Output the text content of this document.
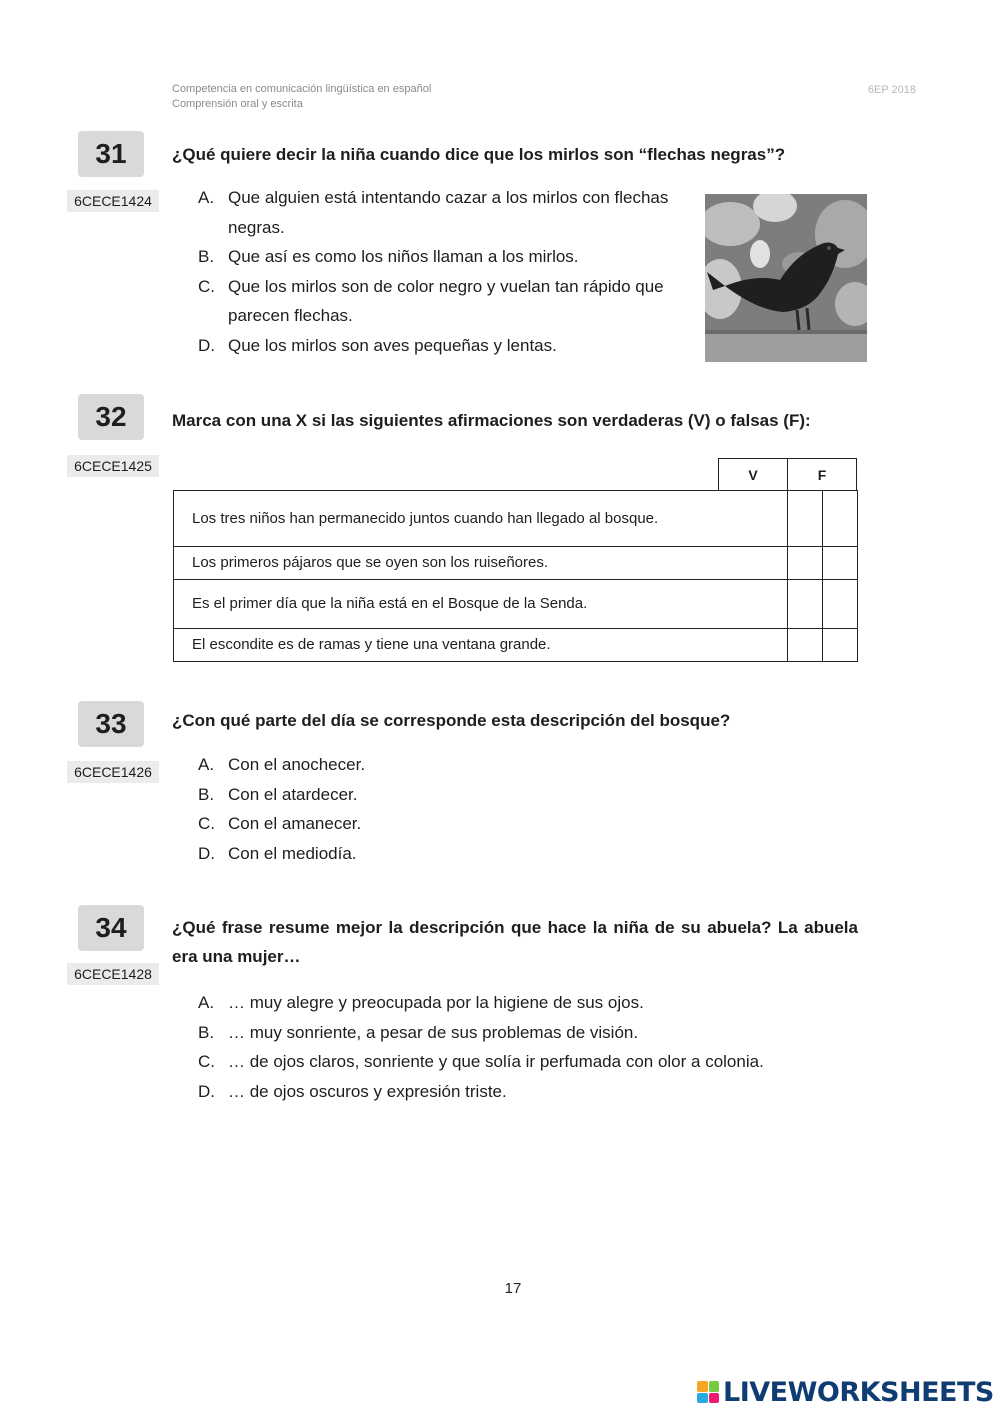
Competencia en comunicación lingüística en español
Comprensión oral y escrita
6EP 2018
31	¿Qué quiere decir la niña cuando dice que los mirlos son “flechas negras”?
6CECE1424	A. Que alguien está intentando cazar a los mirlos con flechas negras.
B. Que así es como los niños llaman a los mirlos.
C. Que los mirlos son de color negro y vuelan tan rápido que parecen flechas.
D. Que los mirlos son aves pequeñas y lentas.
32	Marca con una X si las siguientes afirmaciones son verdaderas (V) o falsas (F):
6CECE1425
V	F
Los tres niños han permanecido juntos cuando han llegado al bosque.		
Los primeros pájaros que se oyen son los ruiseñores.		
Es el primer día que la niña está en el Bosque de la Senda.		
El escondite es de ramas y tiene una ventana grande.		
33	¿Con qué parte del día se corresponde esta descripción del bosque?
6CECE1426	A. Con el anochecer.
B. Con el atardecer.
C. Con el amanecer.
D. Con el mediodía.
34	¿Qué frase resume mejor la descripción que hace la niña de su abuela? La abuela era una mujer…
6CECE1428
A. … muy alegre y preocupada por la higiene de sus ojos.
B. … muy sonriente, a pesar de sus problemas de visión.
C. … de ojos claros, sonriente y que solía ir perfumada con olor a colonia.
D. … de ojos oscuros y expresión triste.
17
LIVEWORKSHEETS
